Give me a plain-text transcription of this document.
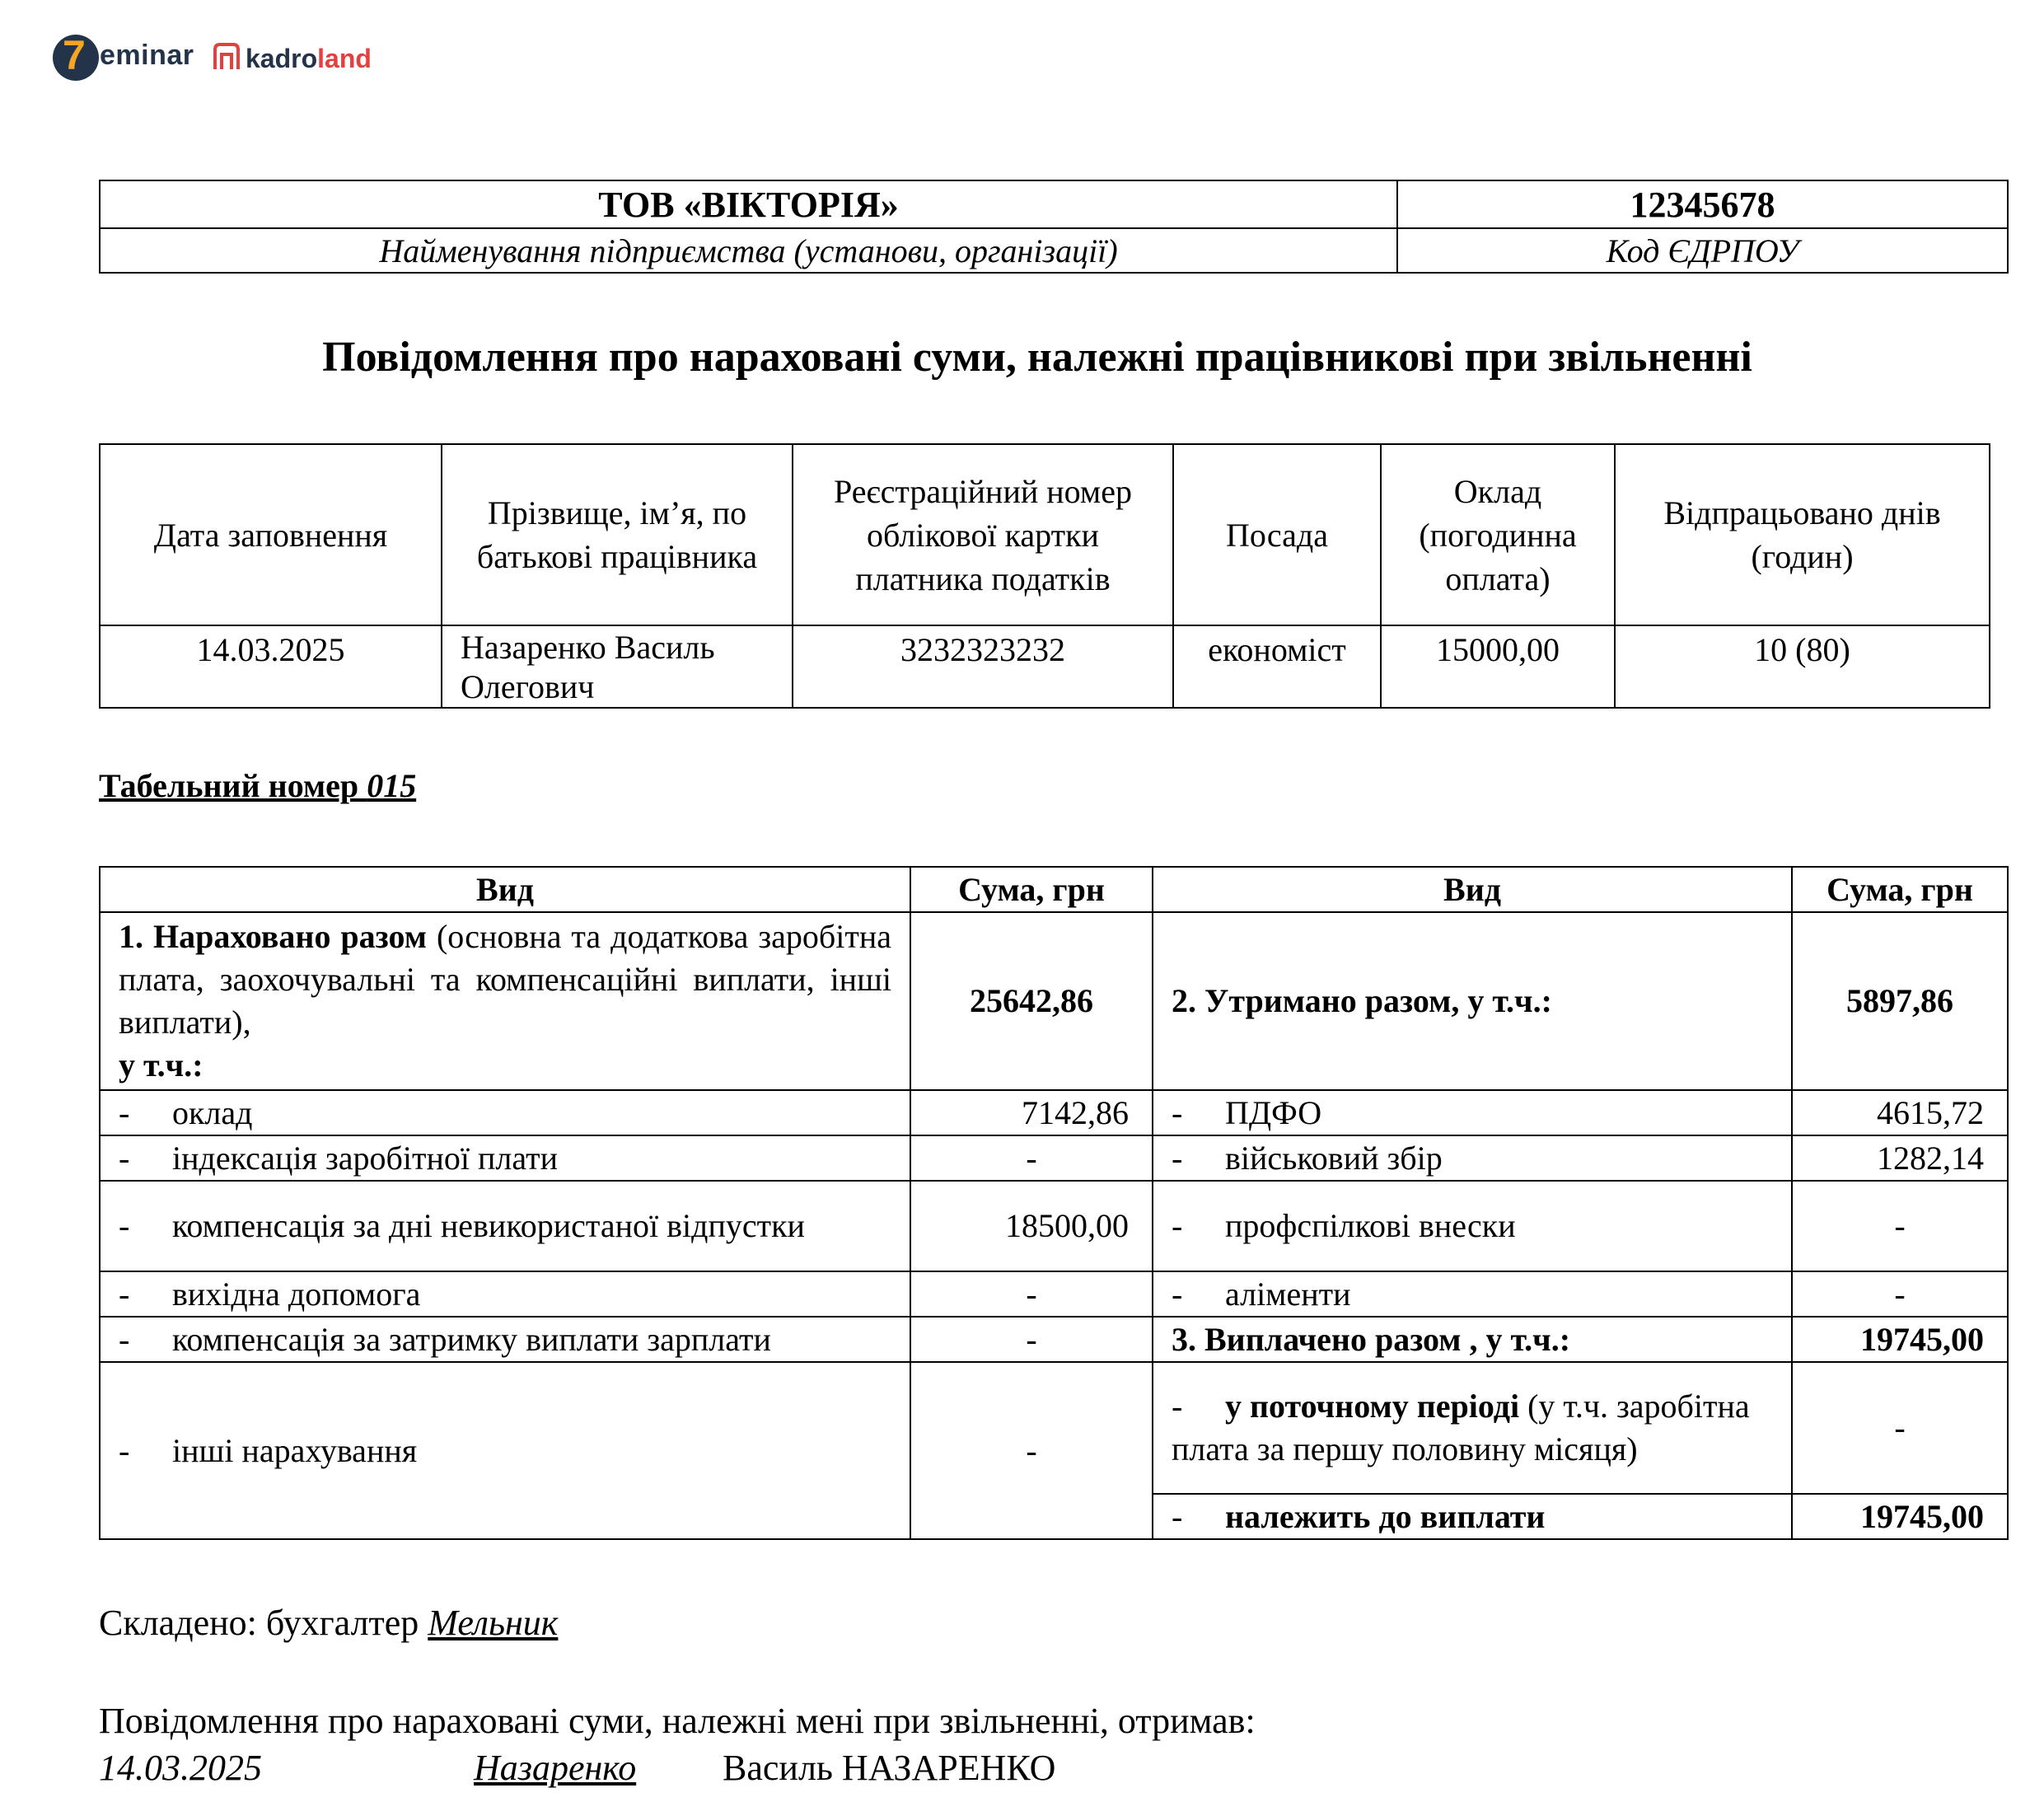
7 eminar kadroland
ТОВ «ВІКТОРІЯ»	12345678
Найменування підприємства (установи, організації)	Код ЄДРПОУ
Повідомлення про нараховані суми, належні працівникові при звільненні
Дата заповнення	Прізвище, ім’я, по батькові працівника	Реєстраційний номер облікової картки платника податків	Посада	Оклад (погодинна оплата)	Відпрацьовано днів (годин)
14.03.2025	Назаренко Василь Олегович	3232323232	економіст	15000,00	10 (80)
Табельний номер 015
Вид	Сума, грн	Вид	Сума, грн
1. Нараховано разом (основна та додаткова заробітна плата, заохочувальні та компенсаційні виплати, інші виплати),
у т.ч.:	25642,86	2. Утримано разом, у т.ч.:	5897,86
- оклад	7142,86	- ПДФО	4615,72
- індексація заробітної плати	-	- військовий збір	1282,14
- компенсація за дні невикористаної відпустки	18500,00	- профспілкові внески	-
- вихідна допомога	-	- аліменти	-
- компенсація за затримку виплати зарплати	-	3. Виплачено разом , у т.ч.:	19745,00
- інші нарахування	-	- у поточному періоді (у т.ч. заробітна плата за першу половину місяця)	-
		- належить до виплати	19745,00
Складено: бухгалтер Мельник
Повідомлення про нараховані суми, належні мені при звільненні, отримав:
14.03.2025	Назаренко Василь НАЗАРЕНКО
